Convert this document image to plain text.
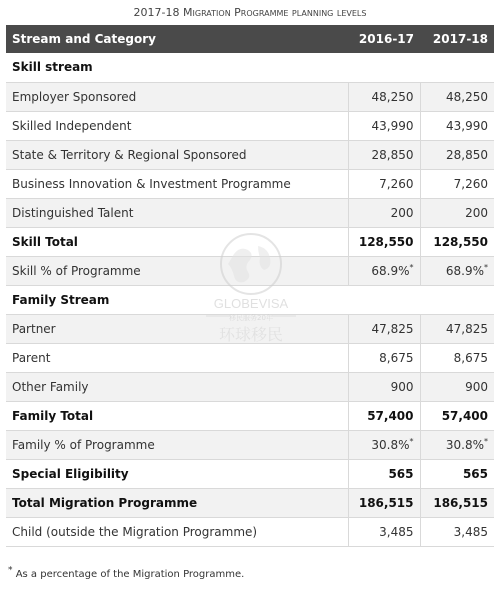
2017-18 Migration Programme planning levels
Stream and Category	2016-17	2017-18
Skill stream		
Employer Sponsored	48,250	48,250
Skilled Independent	43,990	43,990
State & Territory & Regional Sponsored	28,850	28,850
Business Innovation & Investment Programme	7,260	7,260
Distinguished Talent	200	200
Skill Total	128,550	128,550
Skill % of Programme	68.9%*	68.9%*
Family Stream		
Partner	47,825	47,825
Parent	8,675	8,675
Other Family	900	900
Family Total	57,400	57,400
Family % of Programme	30.8%*	30.8%*
Special Eligibility	565	565
Total Migration Programme	186,515	186,515
Child (outside the Migration Programme)	3,485	3,485
GLOBEVISA
移民服务20年
环球移民
* As a percentage of the Migration Programme.
